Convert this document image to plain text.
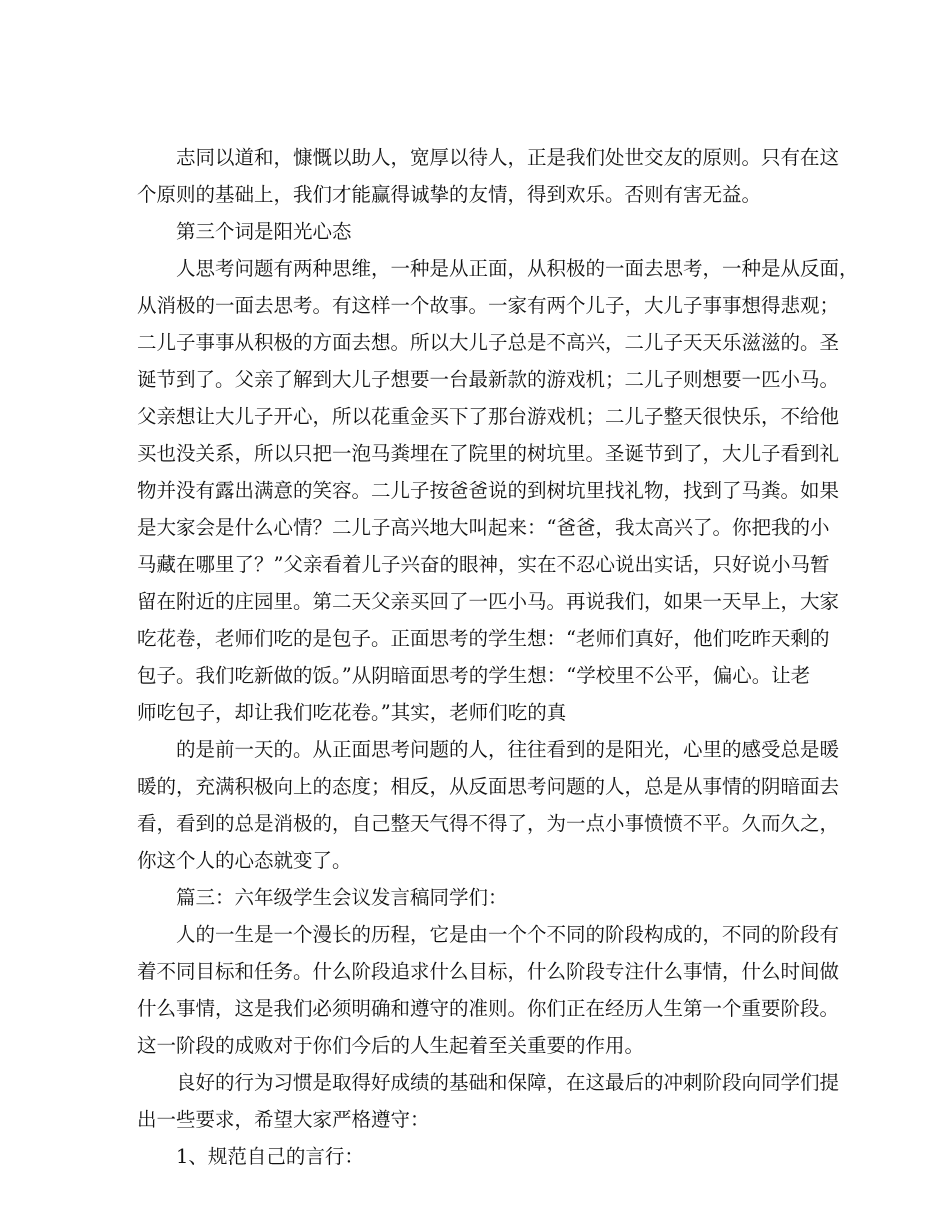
志同以道和，慷慨以助人，宽厚以待人，正是我们处世交友的原则。只有在这

个原则的基础上，我们才能赢得诚挚的友情，得到欢乐。否则有害无益。

第三个词是阳光心态

人思考问题有两种思维，一种是从正面，从积极的一面去思考，一种是从反面，

从消极的一面去思考。有这样一个故事。一家有两个儿子，大儿子事事想得悲观；

二儿子事事从积极的方面去想。所以大儿子总是不高兴，二儿子天天乐滋滋的。圣

诞节到了。父亲了解到大儿子想要一台最新款的游戏机；二儿子则想要一匹小马。

父亲想让大儿子开心，所以花重金买下了那台游戏机；二儿子整天很快乐，不给他

买也没关系，所以只把一泡马粪埋在了院里的树坑里。圣诞节到了，大儿子看到礼

物并没有露出满意的笑容。二儿子按爸爸说的到树坑里找礼物，找到了马粪。如果

是大家会是什么心情？二儿子高兴地大叫起来：“爸爸，我太高兴了。你把我的小

马藏在哪里了？”父亲看着儿子兴奋的眼神，实在不忍心说出实话，只好说小马暂

留在附近的庄园里。第二天父亲买回了一匹小马。再说我们，如果一天早上，大家

吃花卷，老师们吃的是包子。正面思考的学生想：“老师们真好，他们吃昨天剩的

包子。我们吃新做的饭。”从阴暗面思考的学生想：“学校里不公平，偏心。让老

师吃包子，却让我们吃花卷。”其实，老师们吃的真

的是前一天的。从正面思考问题的人，往往看到的是阳光，心里的感受总是暖

暖的，充满积极向上的态度；相反，从反面思考问题的人，总是从事情的阴暗面去

看，看到的总是消极的，自己整天气得不得了，为一点小事愤愤不平。久而久之，

你这个人的心态就变了。

篇三：六年级学生会议发言稿同学们：

人的一生是一个漫长的历程，它是由一个个不同的阶段构成的，不同的阶段有

着不同目标和任务。什么阶段追求什么目标，什么阶段专注什么事情，什么时间做

什么事情，这是我们必须明确和遵守的准则。你们正在经历人生第一个重要阶段。

这一阶段的成败对于你们今后的人生起着至关重要的作用。

良好的行为习惯是取得好成绩的基础和保障，在这最后的冲刺阶段向同学们提

出一些要求，希望大家严格遵守：

1、规范自己的言行：
